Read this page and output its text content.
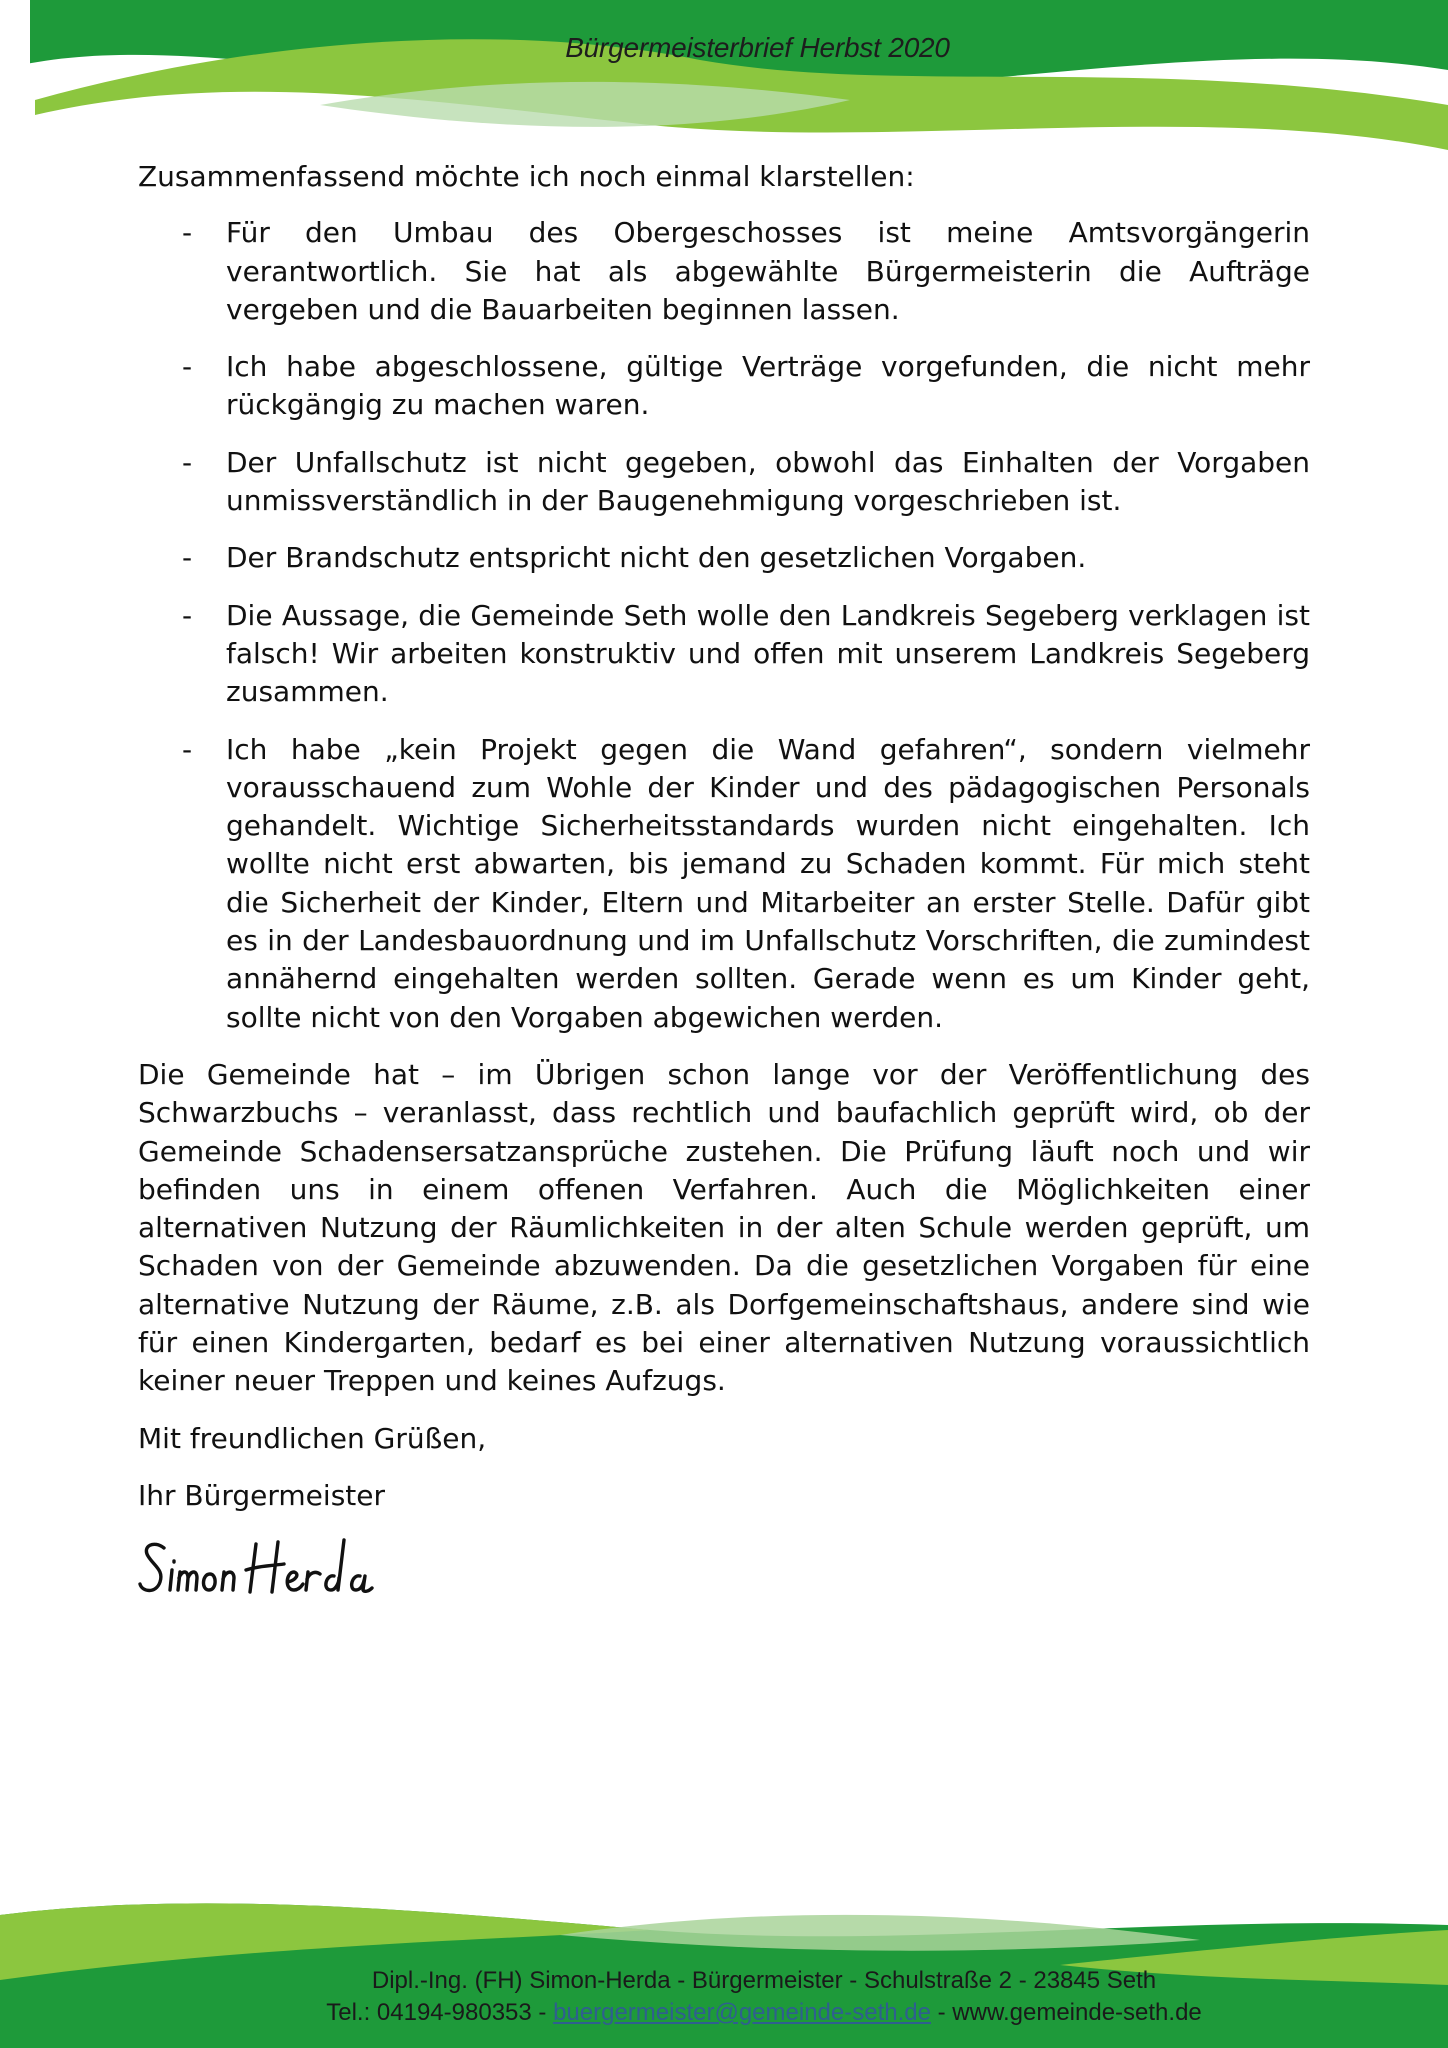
Bürgermeisterbrief Herbst 2020

Zusammenfassend möchte ich noch einmal klarstellen:

- Für den Umbau des Obergeschosses ist meine Amtsvorgängerin verantwortlich. Sie hat als abgewählte Bürgermeisterin die Aufträge vergeben und die Bauarbeiten beginnen lassen.
- Ich habe abgeschlossene, gültige Verträge vorgefunden, die nicht mehr rückgängig zu machen waren.
- Der Unfallschutz ist nicht gegeben, obwohl das Einhalten der Vorgaben unmissverständlich in der Baugenehmigung vorgeschrieben ist.
- Der Brandschutz entspricht nicht den gesetzlichen Vorgaben.
- Die Aussage, die Gemeinde Seth wolle den Landkreis Segeberg verklagen ist falsch! Wir arbeiten konstruktiv und offen mit unserem Landkreis Segeberg zusammen.
- Ich habe „kein Projekt gegen die Wand gefahren“, sondern vielmehr vorausschauend zum Wohle der Kinder und des pädagogischen Personals gehandelt. Wichtige Sicherheitsstandards wurden nicht eingehalten. Ich wollte nicht erst abwarten, bis jemand zu Schaden kommt. Für mich steht die Sicherheit der Kinder, Eltern und Mitarbeiter an erster Stelle. Dafür gibt es in der Landesbauordnung und im Unfallschutz Vorschriften, die zumindest annähernd eingehalten werden sollten. Gerade wenn es um Kinder geht, sollte nicht von den Vorgaben abgewichen werden.

Die Gemeinde hat – im Übrigen schon lange vor der Veröffentlichung des Schwarzbuchs – veranlasst, dass rechtlich und baufachlich geprüft wird, ob der Gemeinde Schadensersatzansprüche zustehen. Die Prüfung läuft noch und wir befinden uns in einem offenen Verfahren. Auch die Möglichkeiten einer alternativen Nutzung der Räumlichkeiten in der alten Schule werden geprüft, um Schaden von der Gemeinde abzuwenden. Da die gesetzlichen Vorgaben für eine alternative Nutzung der Räume, z.B. als Dorfgemeinschaftshaus, andere sind wie für einen Kindergarten, bedarf es bei einer alternativen Nutzung voraussichtlich keiner neuer Treppen und keines Aufzugs.

Mit freundlichen Grüßen,

Ihr Bürgermeister

Dipl.-Ing. (FH) Simon-Herda - Bürgermeister - Schulstraße 2 - 23845 Seth
Tel.: 04194-980353 - buergermeister@gemeinde-seth.de - www.gemeinde-seth.de
